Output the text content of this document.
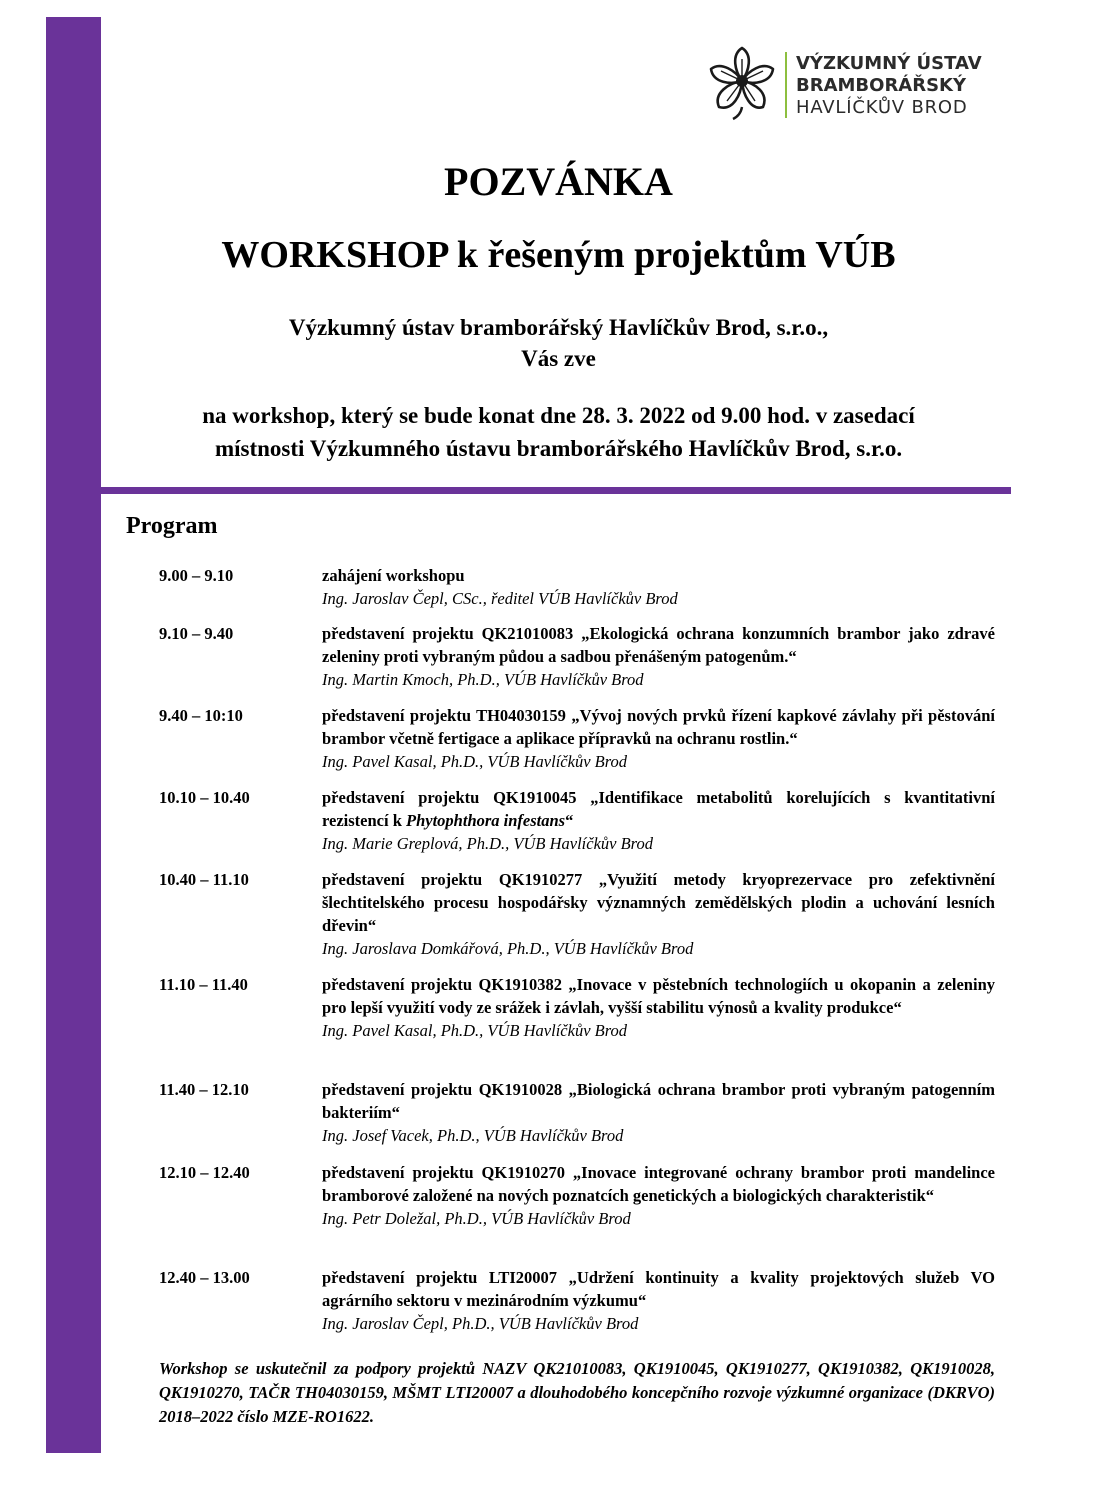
VÝZKUMNÝ ÚSTAV
BRAMBORÁŘSKÝ
HAVLÍČKŮV BROD
POZVÁNKA
WORKSHOP k řešeným projektům VÚB
Výzkumný ústav bramborářský Havlíčkův Brod, s.r.o.,
Vás zve
na workshop, který se bude konat dne 28. 3. 2022 od 9.00 hod. v zasedací
místnosti Výzkumného ústavu bramborářského Havlíčkův Brod, s.r.o.
Program
9.00 – 9.10	zahájení workshopu
Ing. Jaroslav Čepl, CSc., ředitel VÚB Havlíčkův Brod
9.10 – 9.40	představení projektu QK21010083 „Ekologická ochrana konzumních brambor jako zdravé zeleniny proti vybraným půdou a sadbou přenášeným patogenům.“
Ing. Martin Kmoch, Ph.D., VÚB Havlíčkův Brod
9.40 – 10:10	představení projektu TH04030159 „Vývoj nových prvků řízení kapkové závlahy při pěstování brambor včetně fertigace a aplikace přípravků na ochranu rostlin.“
Ing. Pavel Kasal, Ph.D., VÚB Havlíčkův Brod
10.10 – 10.40	představení projektu QK1910045 „Identifikace metabolitů korelujících s kvantitativní rezistencí k Phytophthora infestans“
Ing. Marie Greplová, Ph.D., VÚB Havlíčkův Brod
10.40 – 11.10	představení projektu QK1910277 „Využití metody kryoprezervace pro zefektivnění šlechtitelského procesu hospodářsky významných zemědělských plodin a uchování lesních dřevin“
Ing. Jaroslava Domkářová, Ph.D., VÚB Havlíčkův Brod
11.10 – 11.40	představení projektu QK1910382 „Inovace v pěstebních technologiích u okopanin a zeleniny pro lepší využití vody ze srážek i závlah, vyšší stabilitu výnosů a kvality produkce“
Ing. Pavel Kasal, Ph.D., VÚB Havlíčkův Brod
11.40 – 12.10	představení projektu QK1910028 „Biologická ochrana brambor proti vybraným patogenním bakteriím“
Ing. Josef Vacek, Ph.D., VÚB Havlíčkův Brod
12.10 – 12.40	představení projektu QK1910270 „Inovace integrované ochrany brambor proti mandelince bramborové založené na nových poznatcích genetických a biologických charakteristik“
Ing. Petr Doležal, Ph.D., VÚB Havlíčkův Brod
12.40 – 13.00	představení projektu LTI20007 „Udržení kontinuity a kvality projektových služeb VO agrárního sektoru v mezinárodním výzkumu“
Ing. Jaroslav Čepl, Ph.D., VÚB Havlíčkův Brod
Workshop se uskutečnil za podpory projektů NAZV QK21010083, QK1910045, QK1910277, QK1910382, QK1910028, QK1910270, TAČR TH04030159, MŠMT LTI20007 a dlouhodobého koncepčního rozvoje výzkumné organizace (DKRVO) 2018–2022 číslo MZE-RO1622.
